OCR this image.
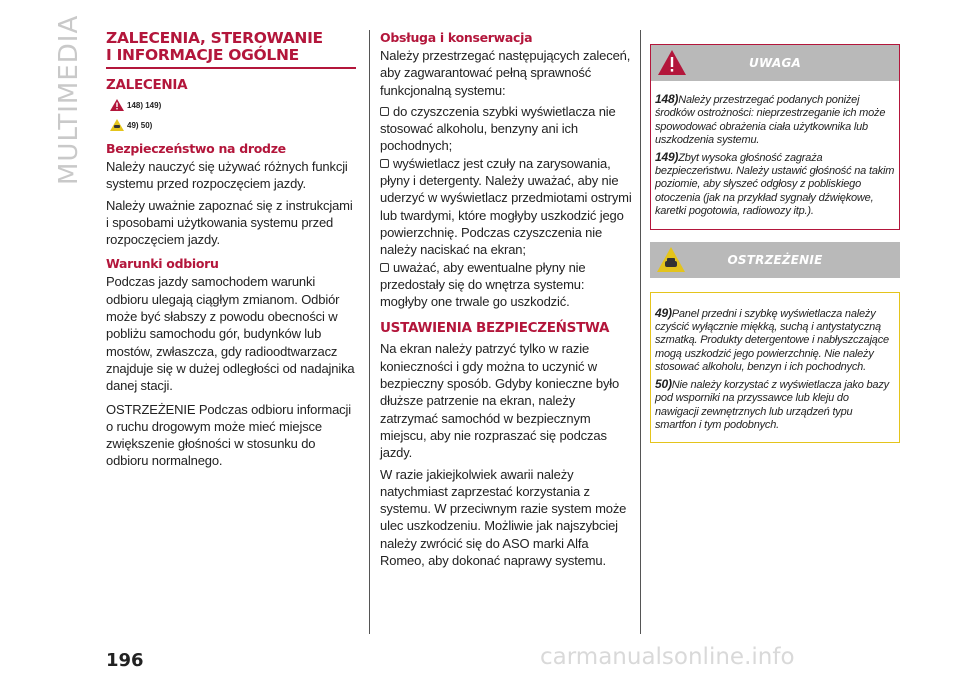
MULTIMEDIA	ZALECENIA, STEROWANIE
I INFORMACJE OGÓLNE
ZALECENIA
148) 149)
49) 50)
Bezpieczeństwo na drodze

Należy nauczyć się używać różnych funkcji systemu przed rozpoczęciem jazdy.

Należy uważnie zapoznać się z instrukcjami i sposobami użytkowania systemu przed rozpoczęciem jazdy.

Warunki odbioru

Podczas jazdy samochodem warunki odbioru ulegają ciągłym zmianom. Odbiór może być słabszy z powodu obecności w pobliżu samochodu gór, budynków lub mostów, zwłaszcza, gdy radioodtwarzacz znajduje się w dużej odległości od nadajnika danej stacji.

OSTRZEŻENIE Podczas odbioru informacji o ruchu drogowym może mieć miejsce zwiększenie głośności w stosunku do odbioru normalnego.

Obsługa i konserwacja

Należy przestrzegać następujących zaleceń, aby zagwarantować pełną sprawność funkcjonalną systemu:

do czyszczenia szybki wyświetlacza nie stosować alkoholu, benzyny ani ich pochodnych;

wyświetlacz jest czuły na zarysowania, płyny i detergenty. Należy uważać, aby nie uderzyć w wyświetlacz przedmiotami ostrymi lub twardymi, które mogłyby uszkodzić jego powierzchnię. Podczas czyszczenia nie należy naciskać na ekran;

uważać, aby ewentualne płyny nie przedostały się do wnętrza systemu: mogłyby one trwale go uszkodzić.

USTAWIENIA BEZPIECZEŃSTWA

Na ekran należy patrzyć tylko w razie konieczności i gdy można to uczynić w bezpieczny sposób. Gdyby konieczne było dłuższe patrzenie na ekran, należy zatrzymać samochód w bezpiecznym miejscu, aby nie rozpraszać się podczas jazdy.

W razie jakiejkolwiek awarii należy natychmiast zaprzestać korzystania z systemu. W przeciwnym razie system może ulec uszkodzeniu. Możliwie jak najszybciej należy zwrócić się do ASO marki Alfa Romeo, aby dokonać naprawy systemu.

UWAGA

148)Należy przestrzegać podanych poniżej środków ostrożności: nieprzestrzeganie ich może spowodować obrażenia ciała użytkownika lub uszkodzenia systemu.

149)Zbyt wysoka głośność zagraża bezpieczeństwu. Należy ustawić głośność na takim poziomie, aby słyszeć odgłosy z pobliskiego otoczenia (jak na przykład sygnały dźwiękowe, karetki pogotowia, radiowozy itp.).

OSTRZEŻENIE

49)Panel przedni i szybkę wyświetlacza należy czyścić wyłącznie miękką, suchą i antystatyczną szmatką. Produkty detergentowe i nabłyszczające mogą uszkodzić jego powierzchnię. Nie należy stosować alkoholu, benzyn i ich pochodnych.

50)Nie należy korzystać z wyświetlacza jako bazy pod wsporniki na przyssawce lub kleju do nawigacji zewnętrznych lub urządzeń typu smartfon i tym podobnych.

196	carmanualsonline.info
